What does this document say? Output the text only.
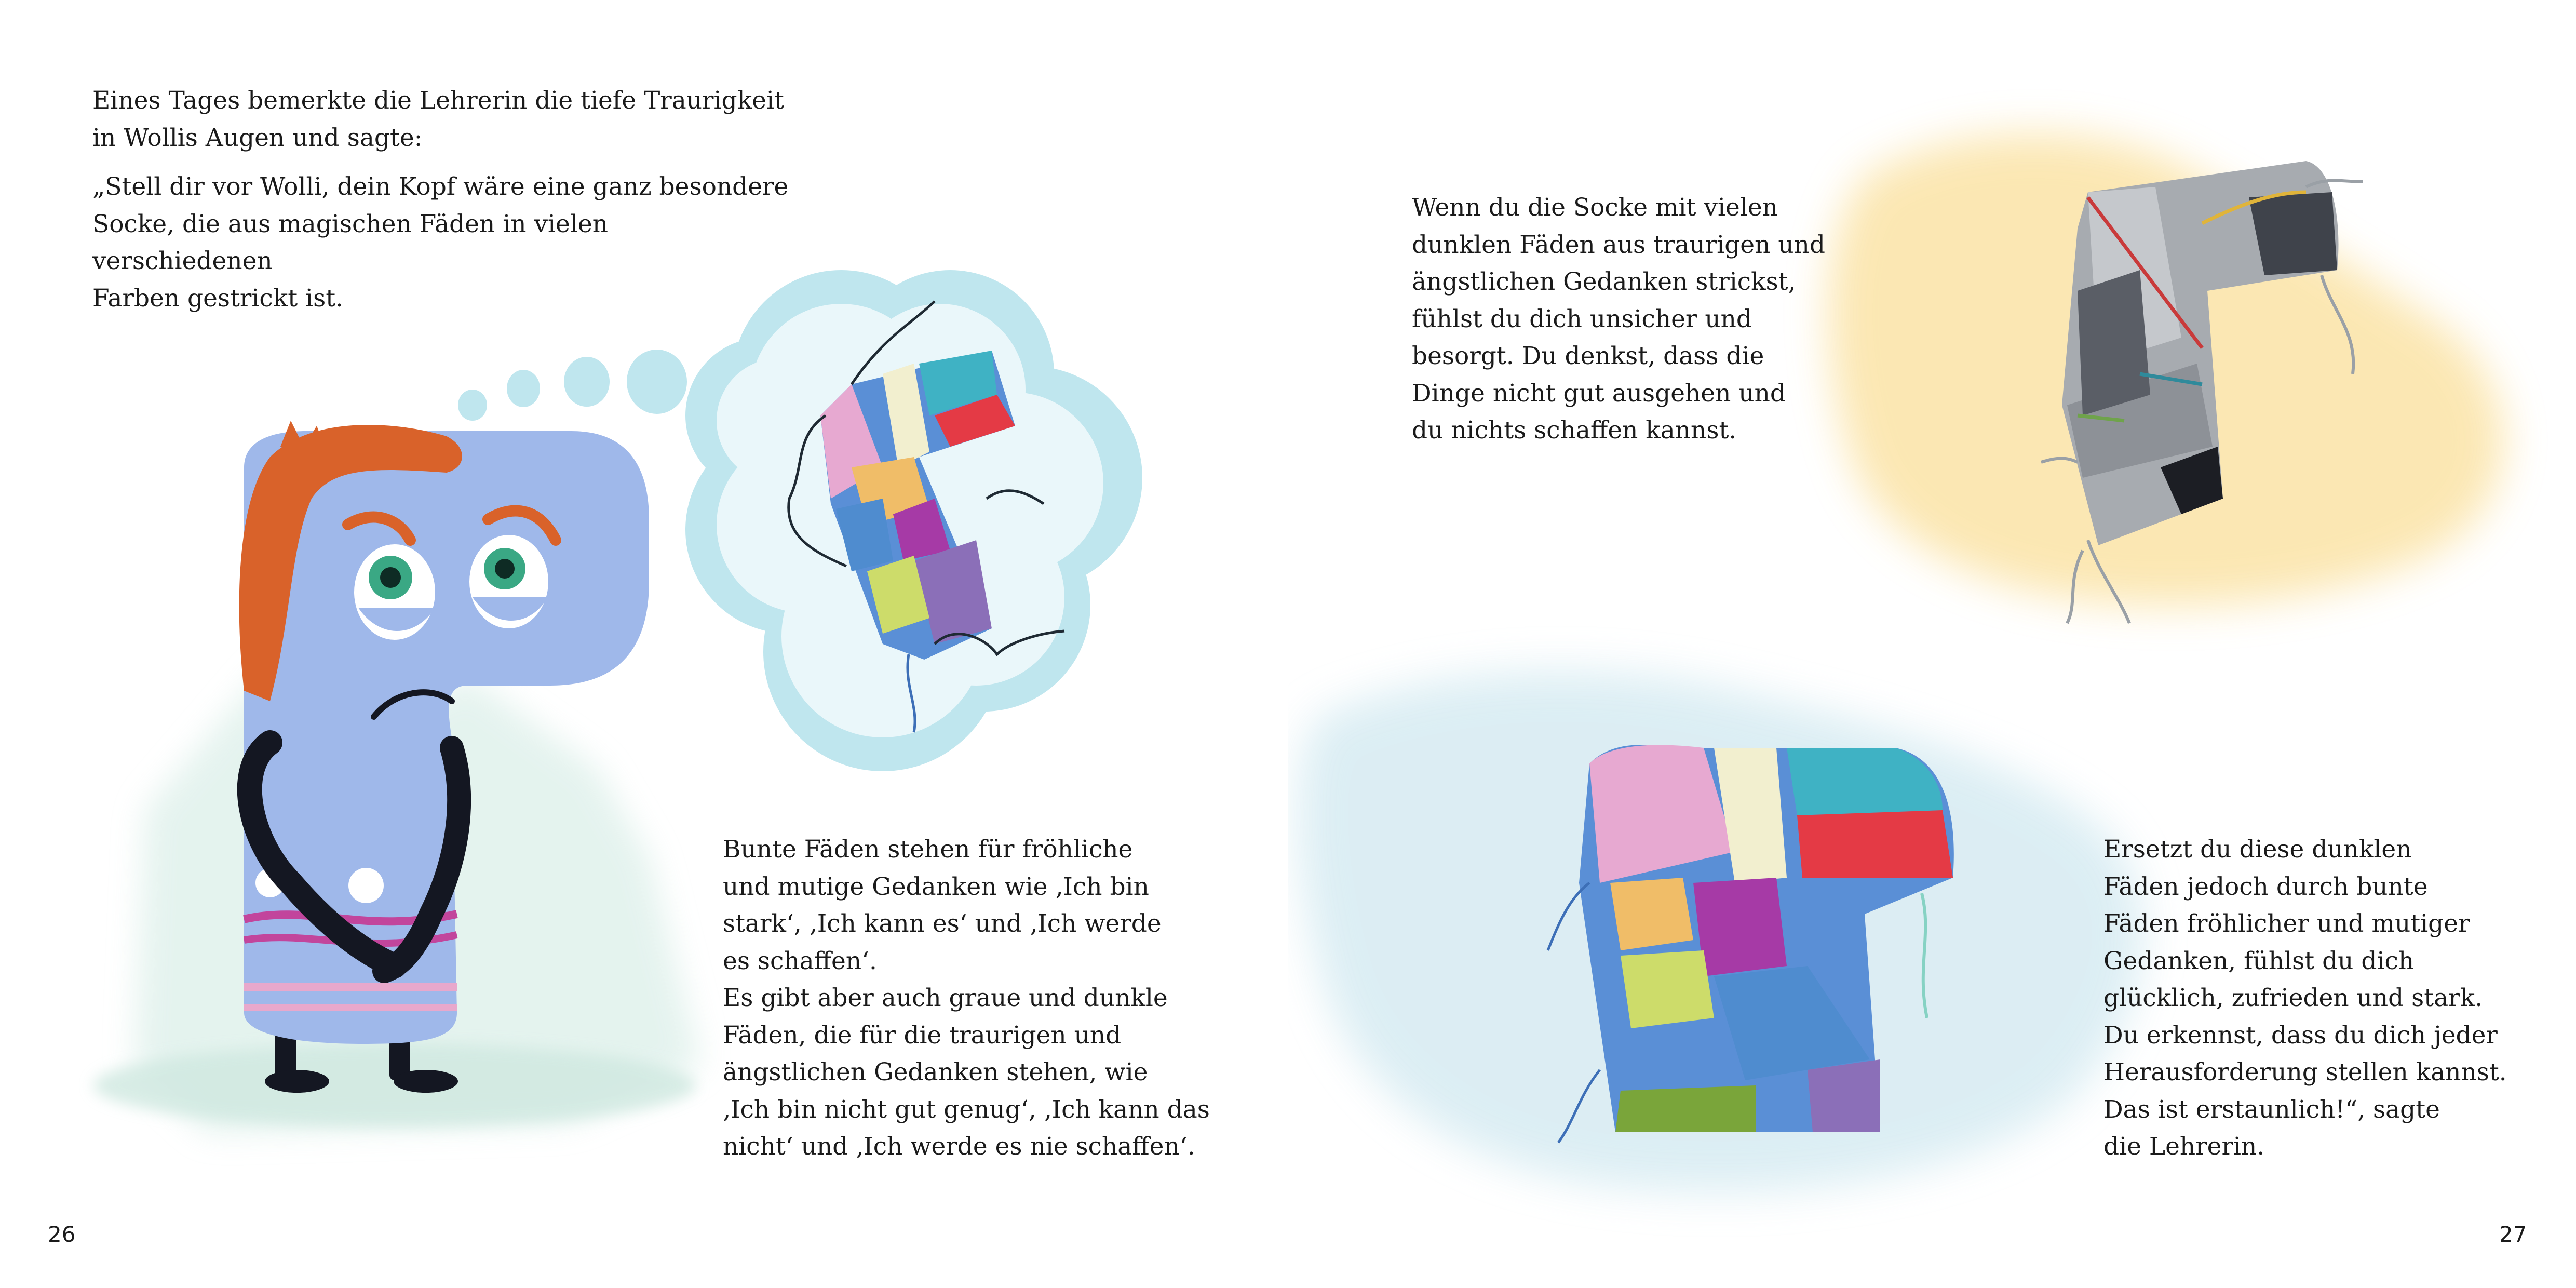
Eines Tages bemerkte die Lehrerin die tiefe Traurigkeit
in Wollis Augen und sagte:

„Stell dir vor Wolli, dein Kopf wäre eine ganz besondere
Socke, die aus magischen Fäden in vielen verschiedenen
Farben gestrickt ist.

Bunte Fäden stehen für fröhliche
und mutige Gedanken wie ‚Ich bin
stark‘, ‚Ich kann es‘ und ‚Ich werde
es schaffen‘.
Es gibt aber auch graue und dunkle
Fäden, die für die traurigen und
ängstlichen Gedanken stehen, wie
‚Ich bin nicht gut genug‘, ‚Ich kann das
nicht‘ und ‚Ich werde es nie schaffen‘.

26

Wenn du die Socke mit vielen
dunklen Fäden aus traurigen und
ängstlichen Gedanken strickst,
fühlst du dich unsicher und
besorgt. Du denkst, dass die
Dinge nicht gut ausgehen und
du nichts schaffen kannst.

Ersetzt du diese dunklen
Fäden jedoch durch bunte
Fäden fröhlicher und mutiger
Gedanken, fühlst du dich
glücklich, zufrieden und stark.
Du erkennst, dass du dich jeder
Herausforderung stellen kannst.
Das ist erstaunlich!“, sagte
die Lehrerin.

27
